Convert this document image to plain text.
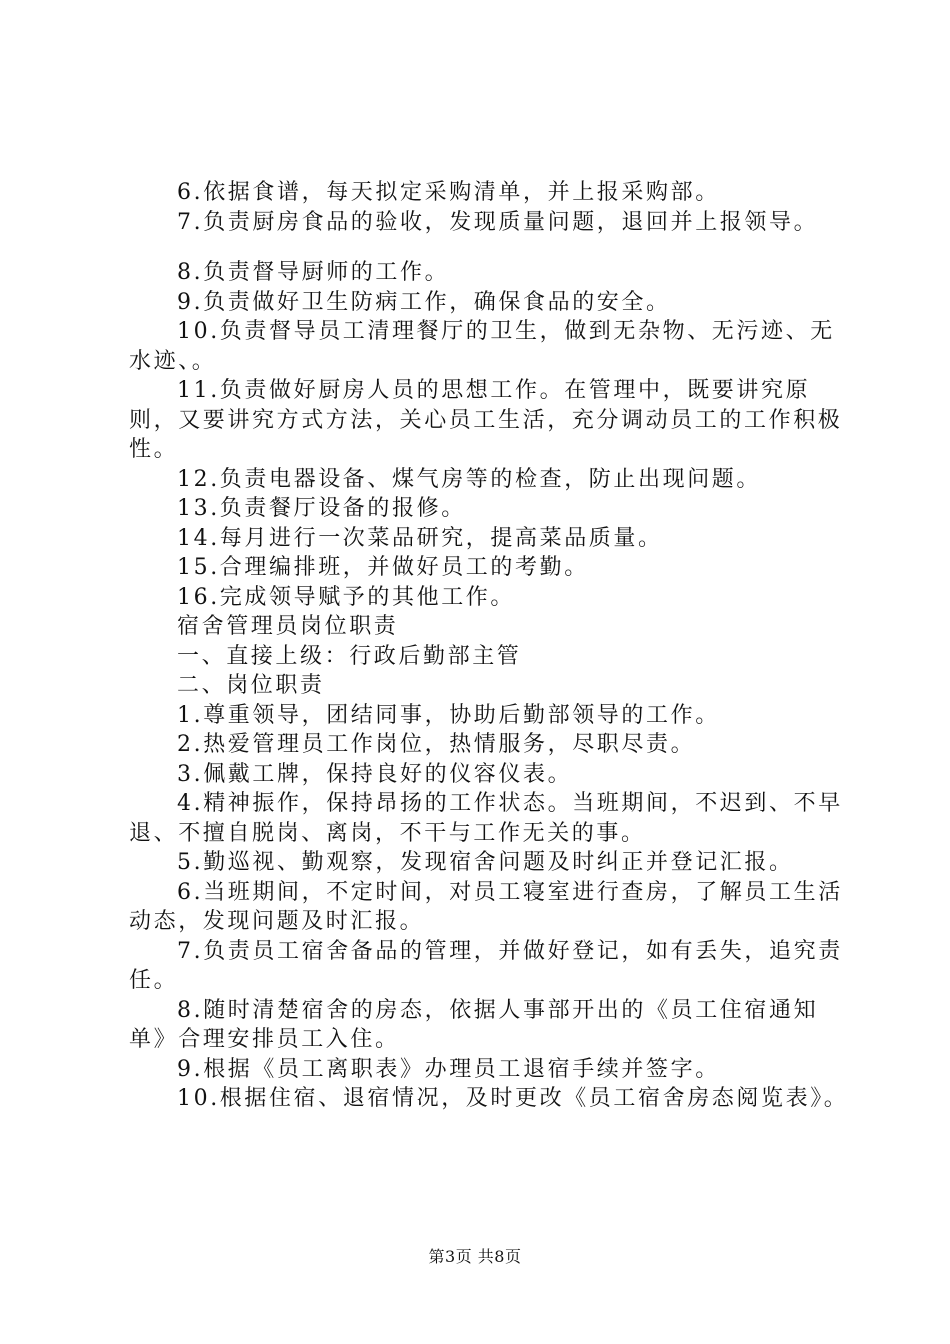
6.依据食谱，每天拟定采购清单，并上报采购部。
7.负责厨房食品的验收，发现质量问题，退回并上报领导。
8.负责督导厨师的工作。
9.负责做好卫生防病工作，确保食品的安全。
10.负责督导员工清理餐厅的卫生，做到无杂物、无污迹、无水迹、。
11.负责做好厨房人员的思想工作。在管理中，既要讲究原则，又要讲究方式方法，关心员工生活，充分调动员工的工作积极性。
12.负责电器设备、煤气房等的检查，防止出现问题。
13.负责餐厅设备的报修。
14.每月进行一次菜品研究，提高菜品质量。
15.合理编排班，并做好员工的考勤。
16.完成领导赋予的其他工作。
宿舍管理员岗位职责
一、直接上级：行政后勤部主管
二、岗位职责
1.尊重领导，团结同事，协助后勤部领导的工作。
2.热爱管理员工作岗位，热情服务，尽职尽责。
3.佩戴工牌，保持良好的仪容仪表。
4.精神振作，保持昂扬的工作状态。当班期间，不迟到、不早退、不擅自脱岗、离岗，不干与工作无关的事。
5.勤巡视、勤观察，发现宿舍问题及时纠正并登记汇报。
6.当班期间，不定时间，对员工寝室进行查房，了解员工生活动态，发现问题及时汇报。
7.负责员工宿舍备品的管理，并做好登记，如有丢失，追究责任。
8.随时清楚宿舍的房态，依据人事部开出的《员工住宿通知单》合理安排员工入住。
9.根据《员工离职表》办理员工退宿手续并签字。
10.根据住宿、退宿情况，及时更改《员工宿舍房态阅览表》。
第3页 共8页
